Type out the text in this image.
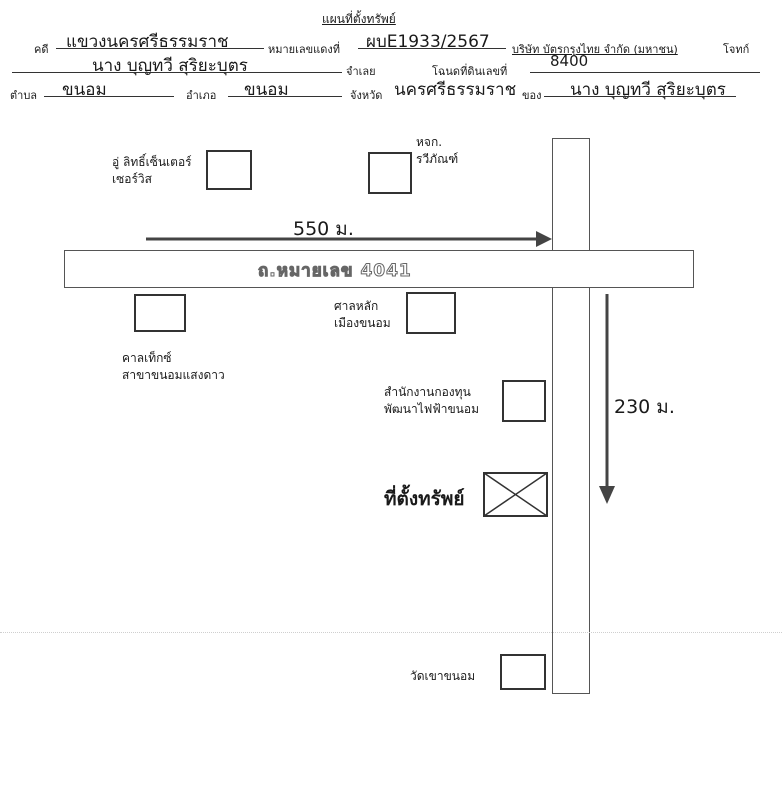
แผนที่ตั้งทรัพย์
คดี แขวงนครศรีธรรมราช	หมายเลขแดงที่ ผบE1933/2567 บริษัท บัตรกรุงไทย จำกัด (มหาชน)	โจทก์
นาง บุญทวี สุริยะบุตร	จำเลย	โฉนดที่ดินเลขที่
8400
ตำบล ขนอม	อำเภอ ขนอม	จังหวัด นครศรีธรรมราช ของ นาง บุญทวี สุริยะบุตร
ถ.หมายเลข 4041
550 ม.
230 ม.
อู่ ลิทธิ์เซ็นเตอร์
เซอร์วิส
หจก.
รวีภัณฑ์
คาลเท็กซ์
สาขาขนอมแสงดาว
ศาลหลัก
เมืองขนอม
สำนักงานกองทุน
พัฒนาไฟฟ้าขนอม
ที่ตั้งทรัพย์
วัดเขาขนอม
